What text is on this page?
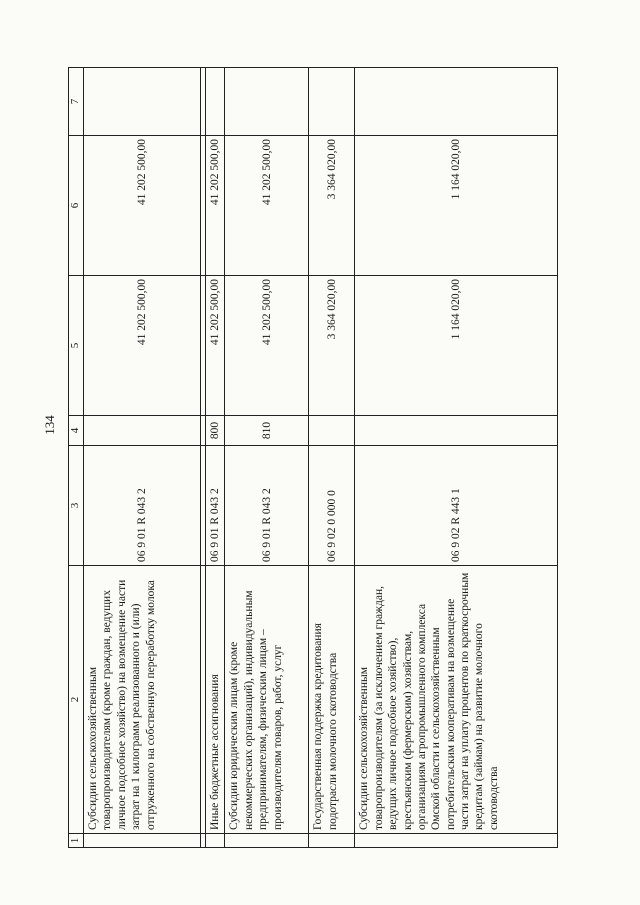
134
1	2	3	4	5	6	7
	Субсидии сельскохозяйственным товаропроизводителям (кроме граждан, ведущих личное подсобное хозяйство) на возмещение части затрат на 1 килограмм реализованного и (или) отгруженного на собственную переработку молока	06 9 01 R 043 2		41 202 500,00	41 202 500,00	

	Иные бюджетные ассигнования	06 9 01 R 043 2	800	41 202 500,00	41 202 500,00	
	Субсидии юридическим лицам (кроме некоммерческих организаций), индивидуальным предпринимателям, физическим лицам – производителям товаров, работ, услуг	06 9 01 R 043 2	810	41 202 500,00	41 202 500,00	
	Государственная поддержка кредитования подотрасли молочного скотоводства	06 9 02 0 000 0		3 364 020,00	3 364 020,00	
	Субсидии сельскохозяйственным товаропроизводителям (за исключением граждан, ведущих личное подсобное хозяйство), крестьянским (фермерским) хозяйствам, организациям агропромышленного комплекса Омской области и сельскохозяйственным потребительским кооперативам на возмещение части затрат на уплату процентов по краткосрочным кредитам (займам) на развитие молочного скотоводства	06 9 02 R 443 1		1 164 020,00	1 164 020,00	
